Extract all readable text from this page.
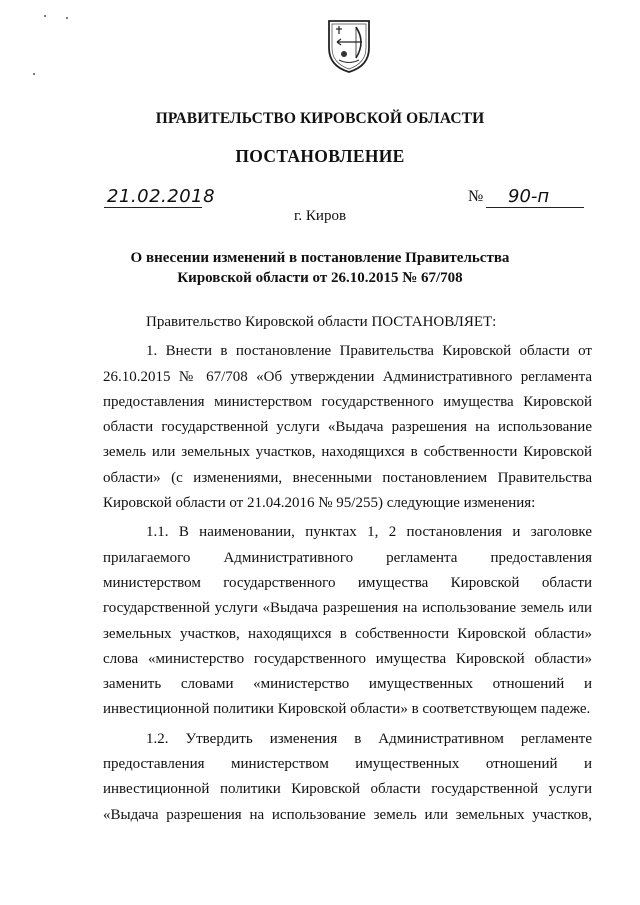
ПРАВИТЕЛЬСТВО КИРОВСКОЙ ОБЛАСТИ
ПОСТАНОВЛЕНИЕ
21.02.2018	№ 90-п
г. Киров
О внесении изменений в постановление Правительства
Кировской области от 26.10.2015 № 67/708

Правительство Кировской области ПОСТАНОВЛЯЕТ:

1. Внести в постановление Правительства Кировской области от 26.10.2015 № 67/708 «Об утверждении Административного регламента предоставления министерством государственного имущества Кировской области государственной услуги «Выдача разрешения на использование земель или земельных участков, находящихся в собственности Кировской области» (с изменениями, внесенными постановлением Правительства Кировской области от 21.04.2016 № 95/255) следующие изменения:

1.1. В наименовании, пунктах 1, 2 постановления и заголовке прилагаемого Административного регламента предоставления министерством государственного имущества Кировской области государственной услуги «Выдача разрешения на использование земель или земельных участков, находящихся в собственности Кировской области» слова «министерство государственного имущества Кировской области» заменить словами «министерство имущественных отношений и инвестиционной политики Кировской области» в соответствующем падеже.

1.2. Утвердить изменения в Административном регламенте предоставления министерством имущественных отношений и инвестиционной политики Кировской области государственной услуги «Выдача разрешения на использование земель или земельных участков,
